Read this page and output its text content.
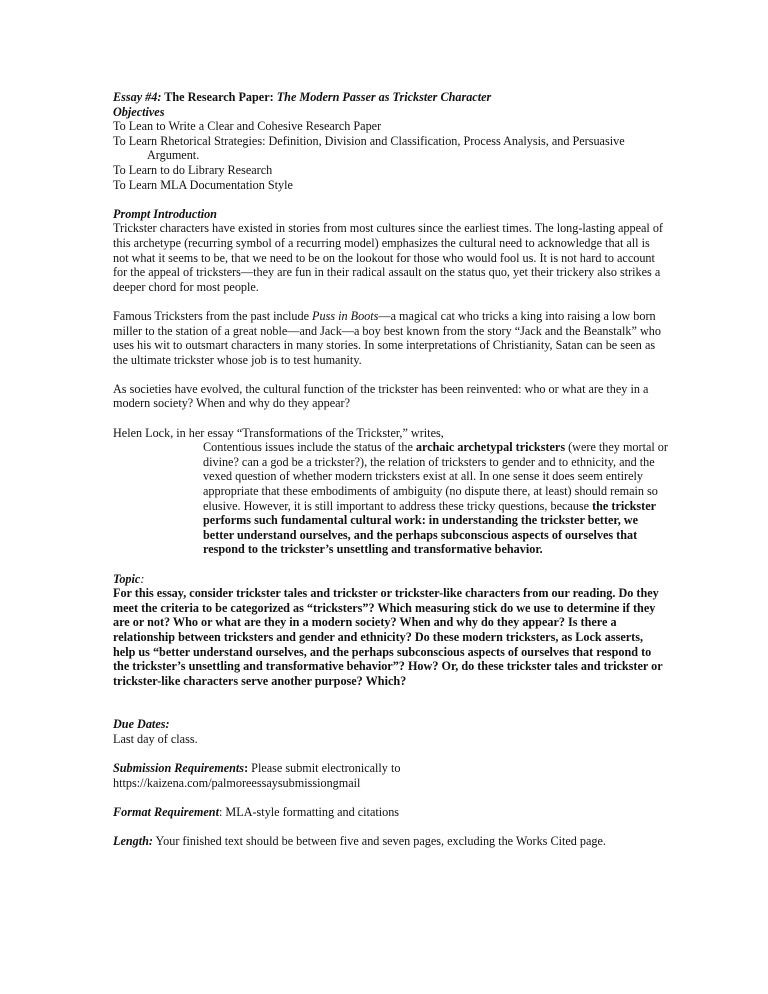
Essay #4: The Research Paper: The Modern Passer as Trickster Character

Objectives

To Lean to Write a Clear and Cohesive Research Paper

To Learn Rhetorical Strategies: Definition, Division and Classification, Process Analysis, and Persuasive

Argument.

To Learn to do Library Research

To Learn MLA Documentation Style

Prompt Introduction

Trickster characters have existed in stories from most cultures since the earliest times. The long-lasting appeal of this archetype (recurring symbol of a recurring model) emphasizes the cultural need to acknowledge that all is not what it seems to be, that we need to be on the lookout for those who would fool us. It is not hard to account for the appeal of tricksters—they are fun in their radical assault on the status quo, yet their trickery also strikes a deeper chord for most people.

Famous Tricksters from the past include Puss in Boots—a magical cat who tricks a king into raising a low born miller to the station of a great noble—and Jack—a boy best known from the story “Jack and the Beanstalk” who uses his wit to outsmart characters in many stories. In some interpretations of Christianity, Satan can be seen as the ultimate trickster whose job is to test humanity.

As societies have evolved, the cultural function of the trickster has been reinvented: who or what are they in a modern society? When and why do they appear?

Helen Lock, in her essay “Transformations of the Trickster,” writes,

Contentious issues include the status of the archaic archetypal tricksters (were they mortal or divine? can a god be a trickster?), the relation of tricksters to gender and to ethnicity, and the vexed question of whether modern tricksters exist at all. In one sense it does seem entirely appropriate that these embodiments of ambiguity (no dispute there, at least) should remain so elusive. However, it is still important to address these tricky questions, because the trickster performs such fundamental cultural work: in understanding the trickster better, we better understand ourselves, and the perhaps subconscious aspects of ourselves that respond to the trickster’s unsettling and transformative behavior.

Topic:

For this essay, consider trickster tales and trickster or trickster-like characters from our reading. Do they meet the criteria to be categorized as “tricksters”? Which measuring stick do we use to determine if they are or not? Who or what are they in a modern society? When and why do they appear? Is there a relationship between tricksters and gender and ethnicity? Do these modern tricksters, as Lock asserts, help us “better understand ourselves, and the perhaps subconscious aspects of ourselves that respond to the trickster’s unsettling and transformative behavior”? How? Or, do these trickster tales and trickster or trickster-like characters serve another purpose? Which?

Due Dates:

Last day of class.

Submission Requirements: Please submit electronically to

https://kaizena.com/palmoreessaysubmissiongmail

Format Requirement: MLA-style formatting and citations

Length: Your finished text should be between five and seven pages, excluding the Works Cited page.
